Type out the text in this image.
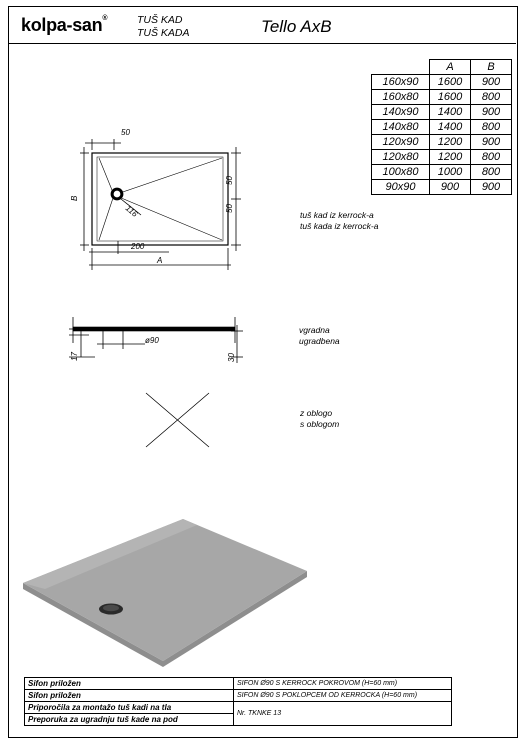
kolpa-san®	TUŠ KAD
TUŠ KADA	Tello AxB
	A	B
160x90	1600	900
160x80	1600	800
140x90	1400	900
140x80	1400	800
120x90	1200	900
120x80	1200	800
100x80	1000	800
90x90	900	900
50
B
50
50
116
200
A
17
ø90
30
tuš kad iz kerrock-a
tuš kada iz kerrock-a
vgradna
ugradbena
z oblogo
s oblogom
Sifon priložen	SIFON Ø90 S KERROCK POKROVOM (H=60 mm)
Sifon priložen	SIFON Ø90 S POKLOPCEM OD KERROCKA (H=60 mm)
Priporočila za montažo tuš kadi na tla	Nr. TKNKE 13
Preporuka za ugradnju tuš kade na pod	
